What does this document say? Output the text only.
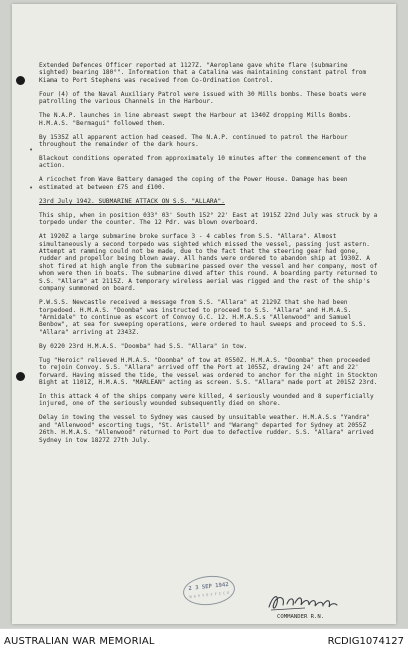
Extended Defences Officer reported at 1127Z. "Aeroplane gave white flare (submarine sighted) bearing 180°". Information that a Catalina was maintaining constant patrol from Kiama to Port Stephens was received from Co-Ordination Control.

Four (4) of the Naval Auxiliary Patrol were issued with 30 Mills bombs. These boats were patrolling the various Channels in the Harbour.

The N.A.P. launches in line abreast swept the Harbour at 1340Z dropping Mills Bombs. H.M.A.S. "Bermagui" followed them.

By 1535Z all apparent action had ceased. The N.A.P. continued to patrol the Harbour throughout the remainder of the dark hours.

Blackout conditions operated from approximately 10 minutes after the commencement of the action.

A ricochet from Wave Battery damaged the coping of the Power House. Damage has been estimated at between £75 and £100.

23rd July 1942. SUBMARINE ATTACK ON S.S. "ALLARA".

This ship, when in position 033° 03' South 152° 22' East at 1915Z 22nd July was struck by a torpedo under the counter. The 12 Pdr. was blown overboard.

At 1920Z a large submarine broke surface 3 - 4 cables from S.S. "Allara". Almost simultaneously a second torpedo was sighted which missed the vessel, passing just astern. Attempt at ramming could not be made, due to the fact that the steering gear had gone, rudder and propellor being blown away. All hands were ordered to abandon ship at 1930Z. A shot fired at high angle from the submarine passed over the vessel and her company, most of whom were then in boats. The submarine dived after this round. A boarding party returned to S.S. "Allara" at 2115Z. A temporary wireless aerial was rigged and the rest of the ship's company summoned on board.

P.W.S.S. Newcastle received a message from S.S. "Allara" at 2129Z that she had been torpedoed. H.M.A.S. "Doomba" was instructed to proceed to S.S. "Allara" and H.M.A.S. "Armidale" to continue as escort of Convoy G.C. 12. H.M.A.S.s "Allenwood" and Samuel Benbow", at sea for sweeping operations, were ordered to haul sweeps and proceed to S.S. "Allara" arriving at 2343Z.

By 0220 23rd H.M.A.S. "Doomba" had S.S. "Allara" in tow.

Tug "Heroic" relieved H.M.A.S. "Doomba" of tow at 0550Z. H.M.A.S. "Doomba" then proceeded to rejoin Convoy. S.S. "Allara" arrived off the Port at 1055Z, drawing 24' aft and 22' forward. Having missed the tide, the vessel was ordered to anchor for the night in Stockton Bight at 1101Z, H.M.A.S. "MARLEAN" acting as screen. S.S. "Allara" made port at 2015Z 23rd.

In this attack 4 of the ships company were killed, 4 seriously wounded and 8 superficially injured, one of the seriously wounded subsequently died on shore.

Delay in towing the vessel to Sydney was caused by unsuitable weather. H.M.A.S.s "Yandra" and "Allenwood" escorting tugs, "St. Aristell" and "Warang" departed for Sydney at 2055Z 26th. H.M.A.S. "Allenwood" returned to Port due to defective rudder. S.S. "Allara" arrived Sydney in tow 1827Z 27th July.

•
•
2 3 SEP 1942
N A V Y O F F I C E
COMMANDER R.N.
AUSTRALIAN WAR MEMORIAL	RCDIG1074127
